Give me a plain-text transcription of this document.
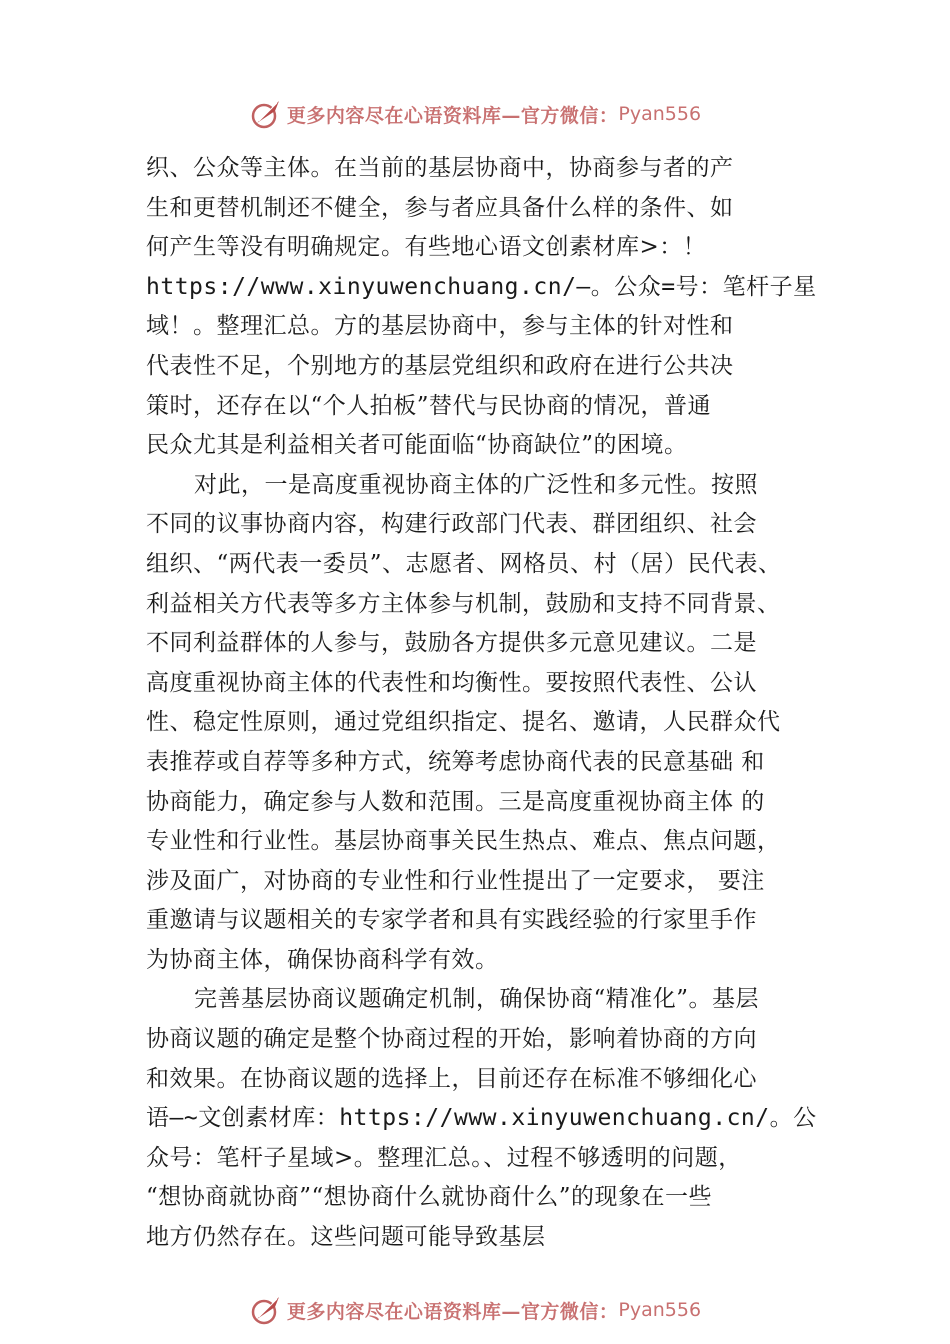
更多内容尽在心语资料库—官方微信： Pyan556
织、公众等主体。在当前的基层协商中，协商参与者的产
生和更替机制还不健全，参与者应具备什么样的条件、如
何产生等没有明确规定。有些地心语文创素材库>：！
https://www.xinyuwenchuang.cn/—。公众=号：笔杆子星
域！。整理汇总。方的基层协商中，参与主体的针对性和
代表性不足，个别地方的基层党组织和政府在进行公共决
策时，还存在以“个人拍板”替代与民协商的情况，普通
民众尤其是利益相关者可能面临“协商缺位”的困境。
对此，一是高度重视协商主体的广泛性和多元性。按照
不同的议事协商内容，构建行政部门代表、群团组织、社会
组织、“两代表一委员”、志愿者、网格员、村（居）民代表、
利益相关方代表等多方主体参与机制，鼓励和支持不同背景、
不同利益群体的人参与，鼓励各方提供多元意见建议。二是
高度重视协商主体的代表性和均衡性。要按照代表性、公认
性、稳定性原则，通过党组织指定、提名、邀请，人民群众代
表推荐或自荐等多种方式，统筹考虑协商代表的民意基础 和
协商能力，确定参与人数和范围。三是高度重视协商主体 的
专业性和行业性。基层协商事关民生热点、难点、焦点问题，
涉及面广，对协商的专业性和行业性提出了一定要求， 要注
重邀请与议题相关的专家学者和具有实践经验的行家里手作
为协商主体，确保协商科学有效。
完善基层协商议题确定机制，确保协商“精准化”。基层
协商议题的确定是整个协商过程的开始，影响着协商的方向
和效果。在协商议题的选择上，目前还存在标准不够细化心
语—~文创素材库：https://www.xinyuwenchuang.cn/。公
众号：笔杆子星域>。整理汇总。、过程不够透明的问题，
“想协商就协商”“想协商什么就协商什么”的现象在一些
地方仍然存在。这些问题可能导致基层
更多内容尽在心语资料库—官方微信： Pyan556
